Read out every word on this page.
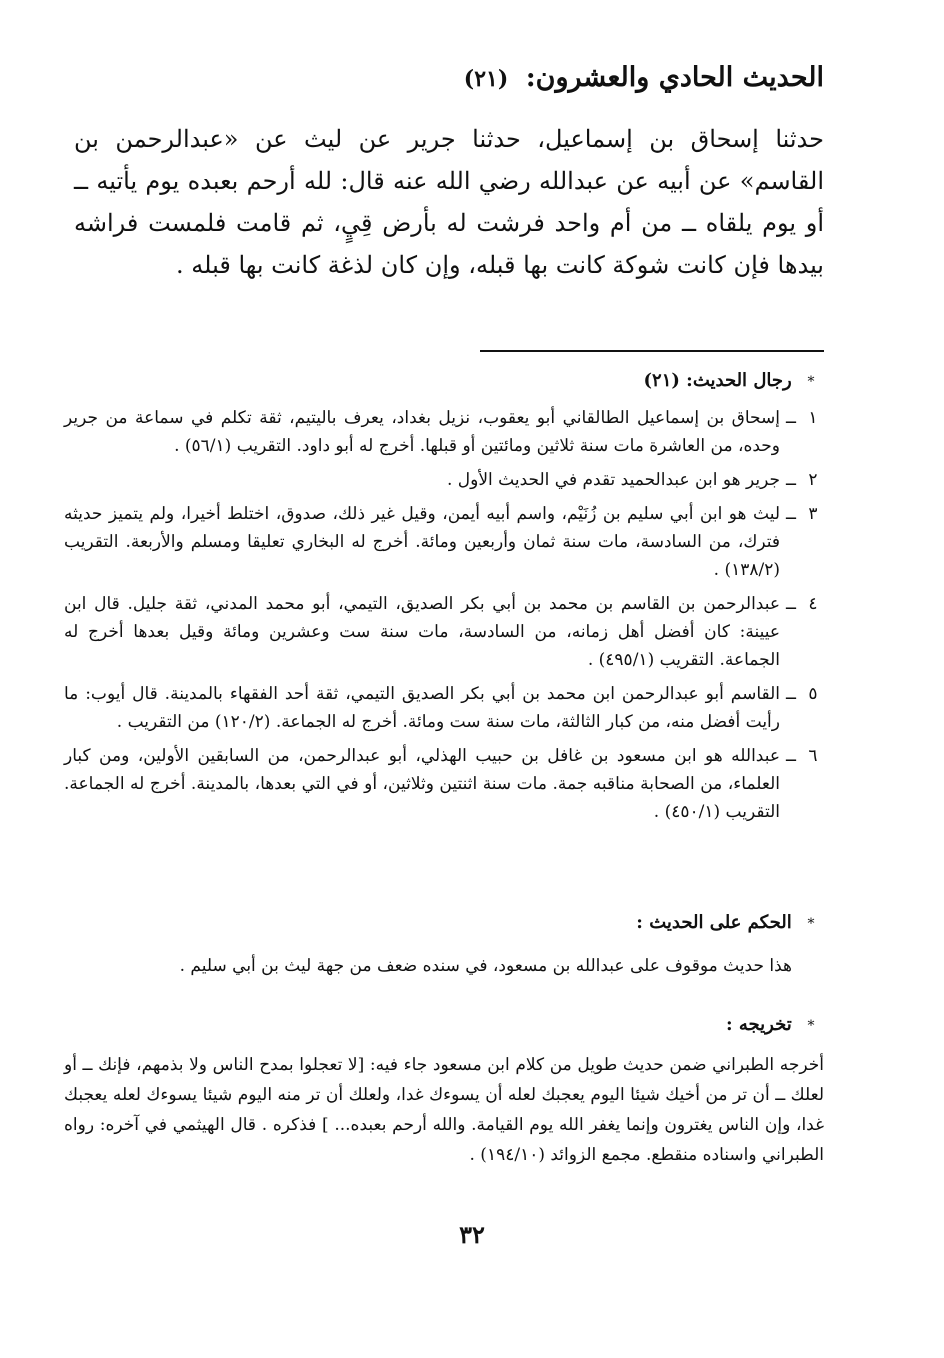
الحديث الحادي والعشرون: (٢١)

حدثنا إسحاق بن إسماعيل، حدثنا جرير عن ليث عن «عبدالرحمن بن القاسم» عن أبيه عن عبدالله رضي الله عنه قال: لله أرحم بعبده يوم يأتيه ــ أو يوم يلقاه ــ من أم واحد فرشت له بأرض قِيٍ، ثم قامت فلمست فراشه بيدها فإن كانت شوكة كانت بها قبله، وإن كان لذغة كانت بها قبله .

* رجال الحديث: (٢١)
١
ــ
إسحاق بن إسماعيل الطالقاني أبو يعقوب، نزيل بغداد، يعرف باليتيم، ثقة تكلم في سماعة من جرير وحده، من العاشرة مات سنة ثلاثين ومائتين أو قبلها. أخرج له أبو داود. التقريب (٥٦/١) .
٢
ــ
جرير هو ابن عبدالحميد تقدم في الحديث الأول .
٣
ــ
ليث هو ابن أبي سليم بن زُنَيْم، واسم أبيه أيمن، وقيل غير ذلك، صدوق، اختلط أخيرا، ولم يتميز حديثه فترك، من السادسة، مات سنة ثمان وأربعين ومائة. أخرج له البخاري تعليقا ومسلم والأربعة. التقريب (١٣٨/٢) .
٤
ــ
عبدالرحمن بن القاسم بن محمد بن أبي بكر الصديق، التيمي، أبو محمد المدني، ثقة جليل. قال ابن عيينة: كان أفضل أهل زمانه، من السادسة، مات سنة ست وعشرين ومائة وقيل بعدها أخرج له الجماعة. التقريب (٤٩٥/١) .
٥
ــ
القاسم أبو عبدالرحمن ابن محمد بن أبي بكر الصديق التيمي، ثقة أحد الفقهاء بالمدينة. قال أيوب: ما رأيت أفضل منه، من كبار الثالثة، مات سنة ست ومائة. أخرج له الجماعة. (١٢٠/٢) من التقريب .
٦
ــ
عبدالله هو ابن مسعود بن غافل بن حبيب الهذلي، أبو عبدالرحمن، من السابقين الأولين، ومن كبار العلماء، من الصحابة مناقبه جمة. مات سنة اثنتين وثلاثين، أو في التي بعدها، بالمدينة. أخرج له الجماعة. التقريب (٤٥٠/١) .
* الحكم على الحديث :
هذا حديث موقوف على عبدالله بن مسعود، في سنده ضعف من جهة ليث بن أبي سليم .
* تخريجه :
أخرجه الطبراني ضمن حديث طويل من كلام ابن مسعود جاء فيه: [لا تعجلوا بمدح الناس ولا بذمهم، فإنك ــ أو لعلك ــ أن تر من أخيك شيئا اليوم يعجبك لعله أن يسوءك غدا، ولعلك أن تر منه اليوم شيئا يسوءك لعله يعجبك غدا، وإن الناس يغترون وإنما يغفر الله يوم القيامة. والله أرحم بعبده... ] فذكره . قال الهيثمي في آخره: رواه الطبراني واسناده منقطع. مجمع الزوائد (١٩٤/١٠) .
٣٢
